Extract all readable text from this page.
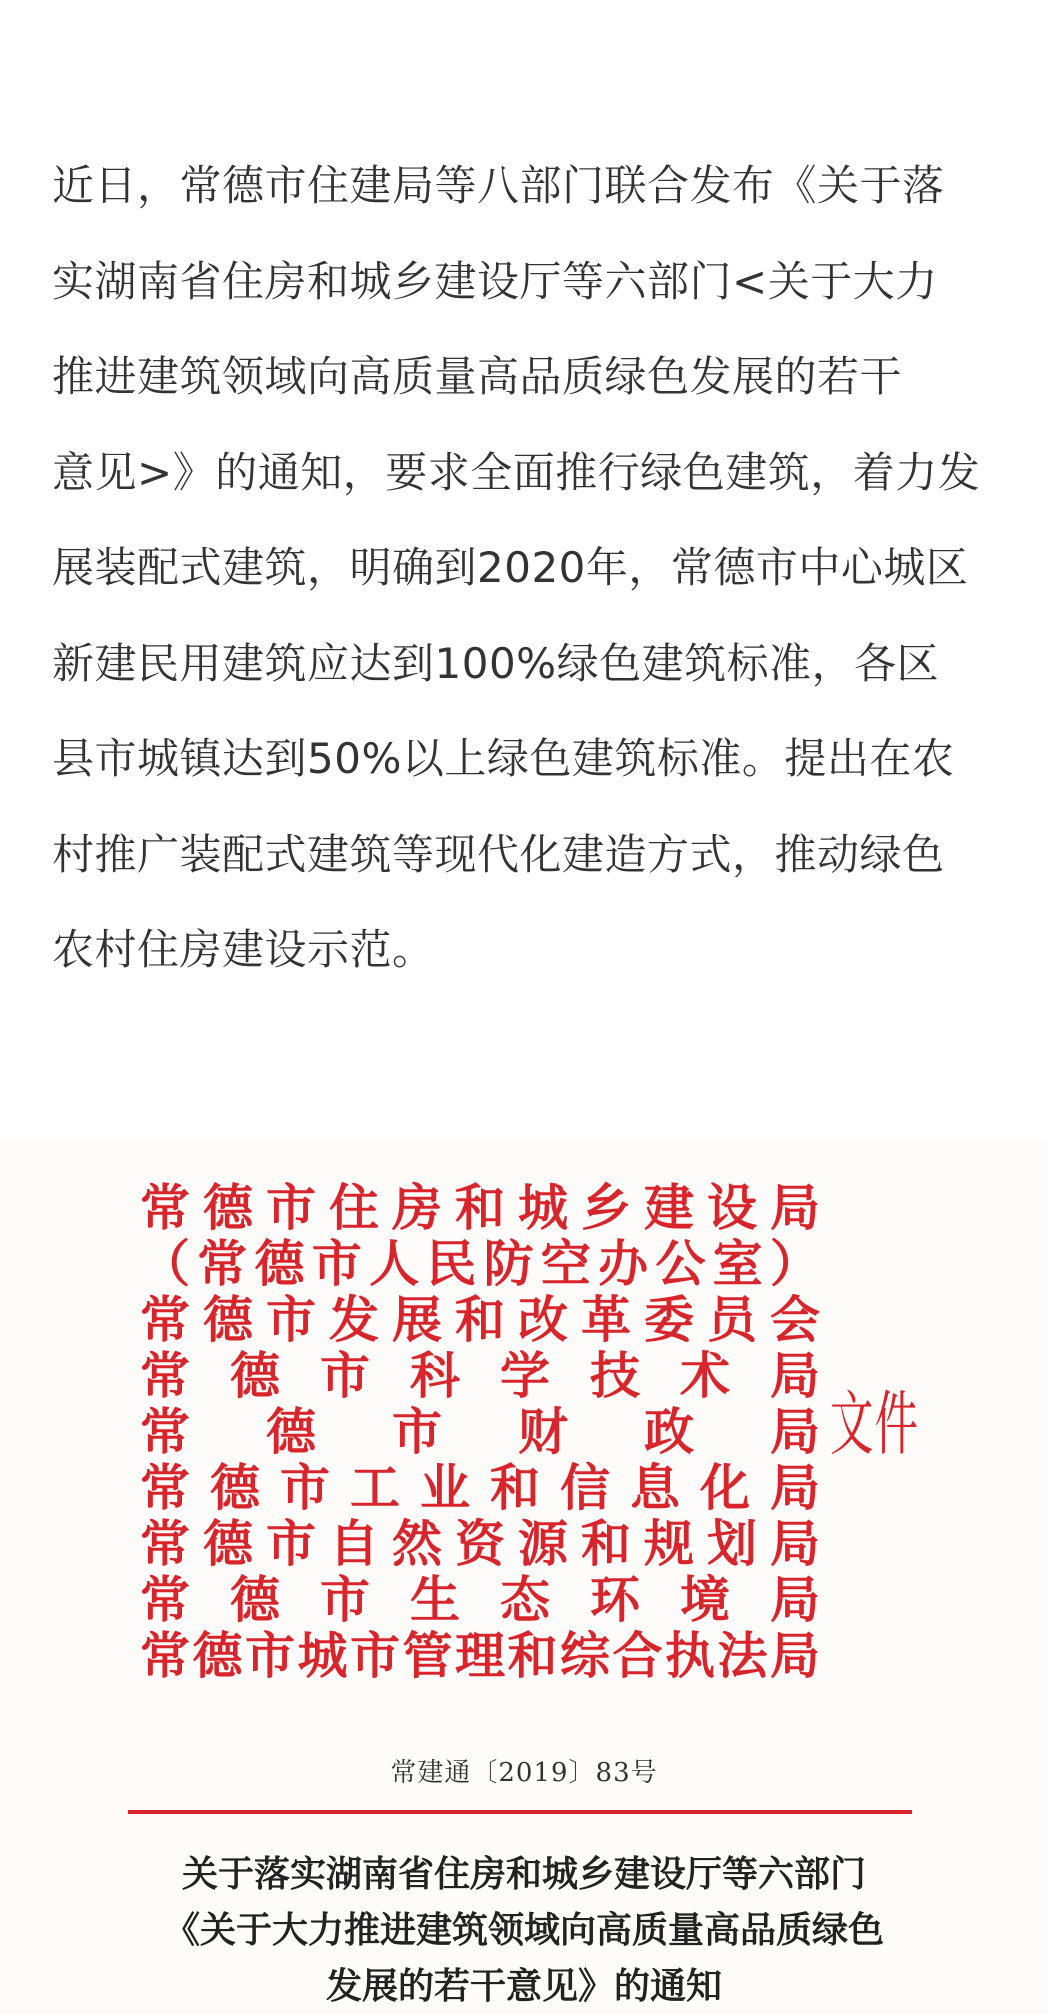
近日，常德市住建局等八部门联合发布《关于落
实湖南省住房和城乡建设厅等六部门<关于大力
推进建筑领域向高质量高品质绿色发展的若干
意见>》的通知，要求全面推行绿色建筑，着力发
展装配式建筑，明确到2020年，常德市中心城区
新建民用建筑应达到100%绿色建筑标准，各区
县市城镇达到50%以上绿色建筑标准。提出在农
村推广装配式建筑等现代化建造方式，推动绿色
农村住房建设示范。
常 德 市 住 房 和 城 乡 建 设 局
（ 常 德 市 人 民 防 空 办 公 室 ）
常 德 市 发 展 和 改 革 委 员 会
常 德 市 科 学 技 术 局
常 德 市 财 政 局
常 德 市 工 业 和 信 息 化 局
常 德 市 自 然 资 源 和 规 划 局
常 德 市 生 态 环 境 局
常 德 市 城 市 管 理 和 综 合 执 法 局
文件
常建通〔2019〕83号
关于落实湖南省住房和城乡建设厅等六部门
《关于大力推进建筑领域向高质量高品质绿色
发展的若干意见》的通知
